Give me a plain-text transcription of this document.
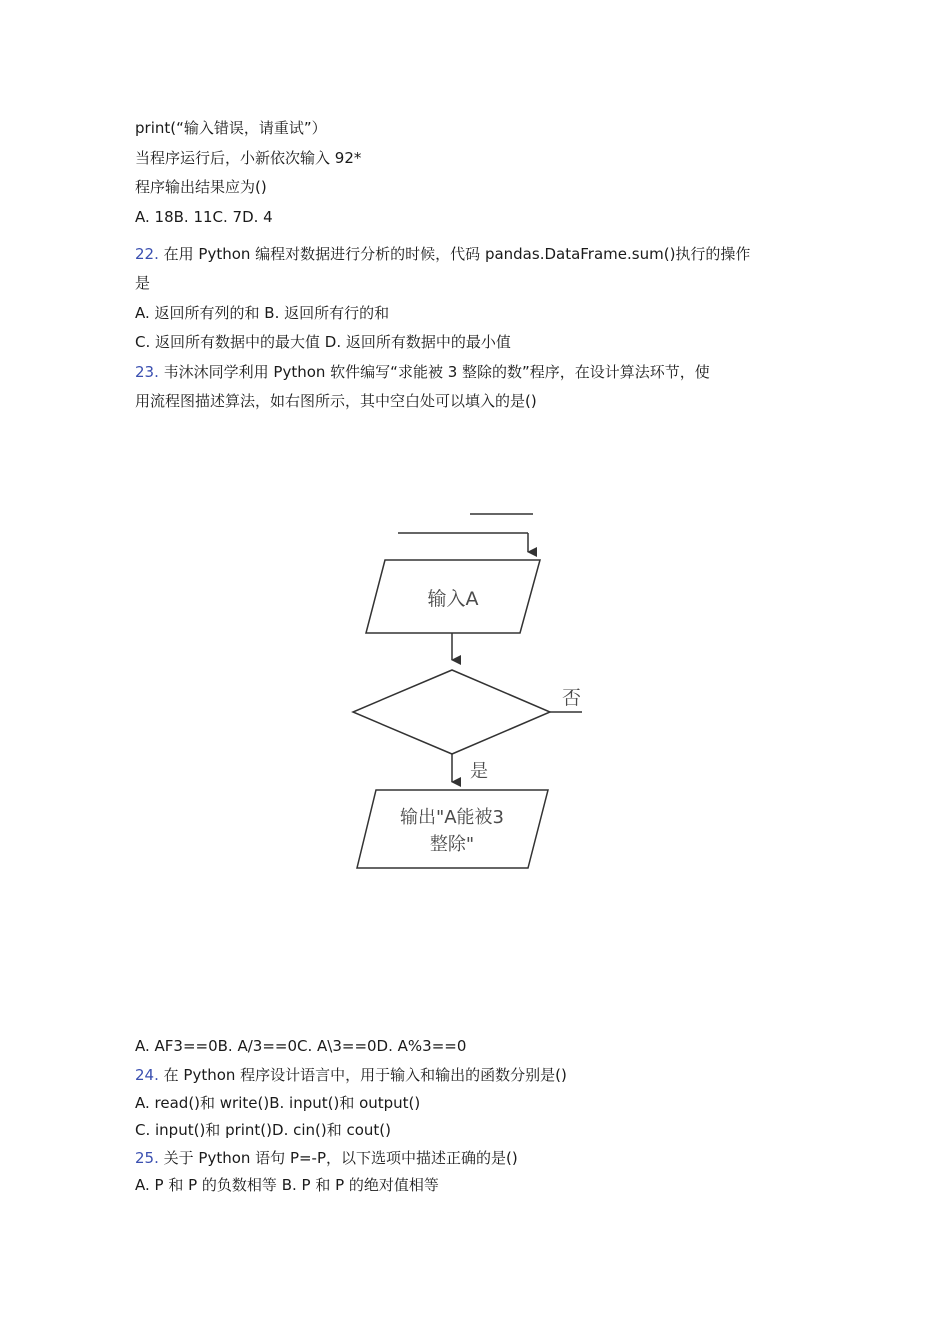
print(“输入错误，请重试”）
当程序运行后，小新依次输入 92*
程序输出结果应为()
A. 18B. 11C. 7D. 4
22. 在用 Python 编程对数据进行分析的时候，代码 pandas.DataFrame.sum()执行的操作
是
A. 返回所有列的和 B. 返回所有行的和
C. 返回所有数据中的最大值 D. 返回所有数据中的最小值
23. 韦沐沐同学利用 Python 软件编写“求能被 3 整除的数”程序，在设计算法环节，使
用流程图描述算法，如右图所示，其中空白处可以填入的是()
输入A
否
是
输出"A能被3
整除"
A. AF3==0B. A/3==0C. A\3==0D. A%3==0
24. 在 Python 程序设计语言中，用于输入和输出的函数分别是()
A. read()和 write()B. input()和 output()
C. input()和 print()D. cin()和 cout()
25. 关于 Python 语句 P=-P，以下选项中描述正确的是()
A. P 和 P 的负数相等 B. P 和 P 的绝对值相等
